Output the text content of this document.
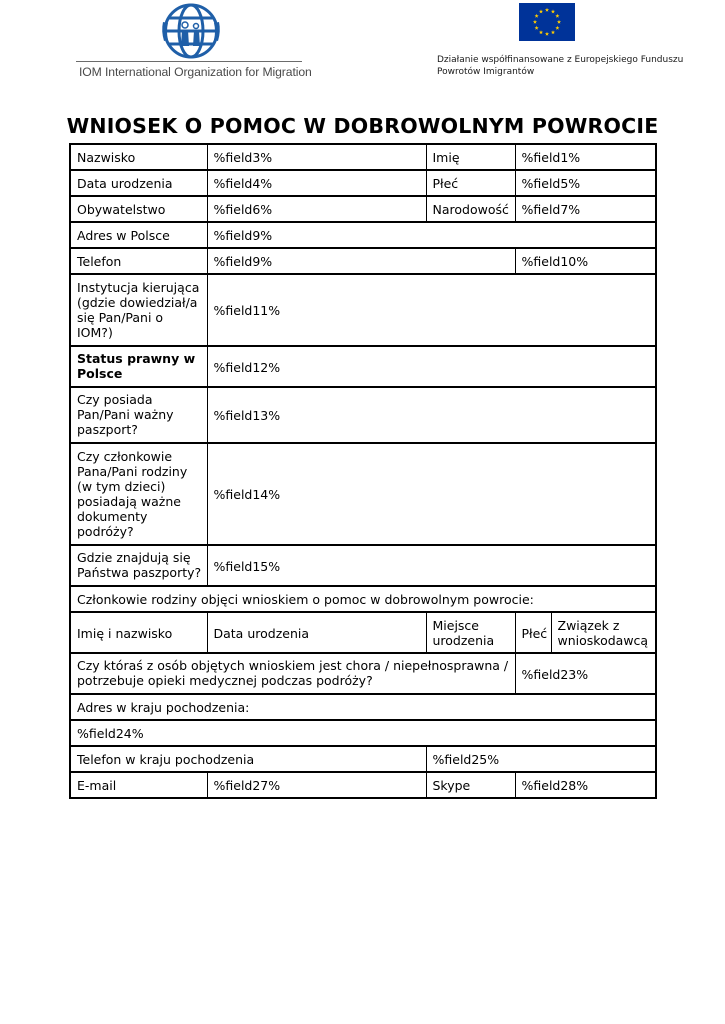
IOM International Organization for Migration
Działanie współfinansowane z Europejskiego Funduszu Powrotów Imigrantów
WNIOSEK O POMOC W DOBROWOLNYM POWROCIE
Nazwisko	%field3%	Imię	%field1%	
Data urodzenia	%field4%	Płeć	%field5%	
Obywatelstwo	%field6%	Narodowość	%field7%	
Adres w Polsce	%field9%			
Telefon	%field9%		%field10%	
Instytucja kierująca (gdzie dowiedział/a się Pan/Pani o IOM?)	%field11%			
Status prawny w Polsce	%field12%			
Czy posiada Pan/Pani ważny paszport?	%field13%			
Czy członkowie Pana/Pani rodziny (w tym dzieci) posiadają ważne dokumenty podróży?	%field14%			
Gdzie znajdują się Państwa paszporty?	%field15%			
Członkowie rodziny objęci wnioskiem o pomoc w dobrowolnym powrocie:				
Imię i nazwisko	Data urodzenia	Miejsce urodzenia	Płeć	Związek z wnioskodawcą
Czy któraś z osób objętych wnioskiem jest chora / niepełnosprawna / potrzebuje opieki medycznej podczas podróży?			%field23%	
Adres w kraju pochodzenia:				
%field24%				
Telefon w kraju pochodzenia		%field25%		
E-mail	%field27%	Skype	%field28%	
